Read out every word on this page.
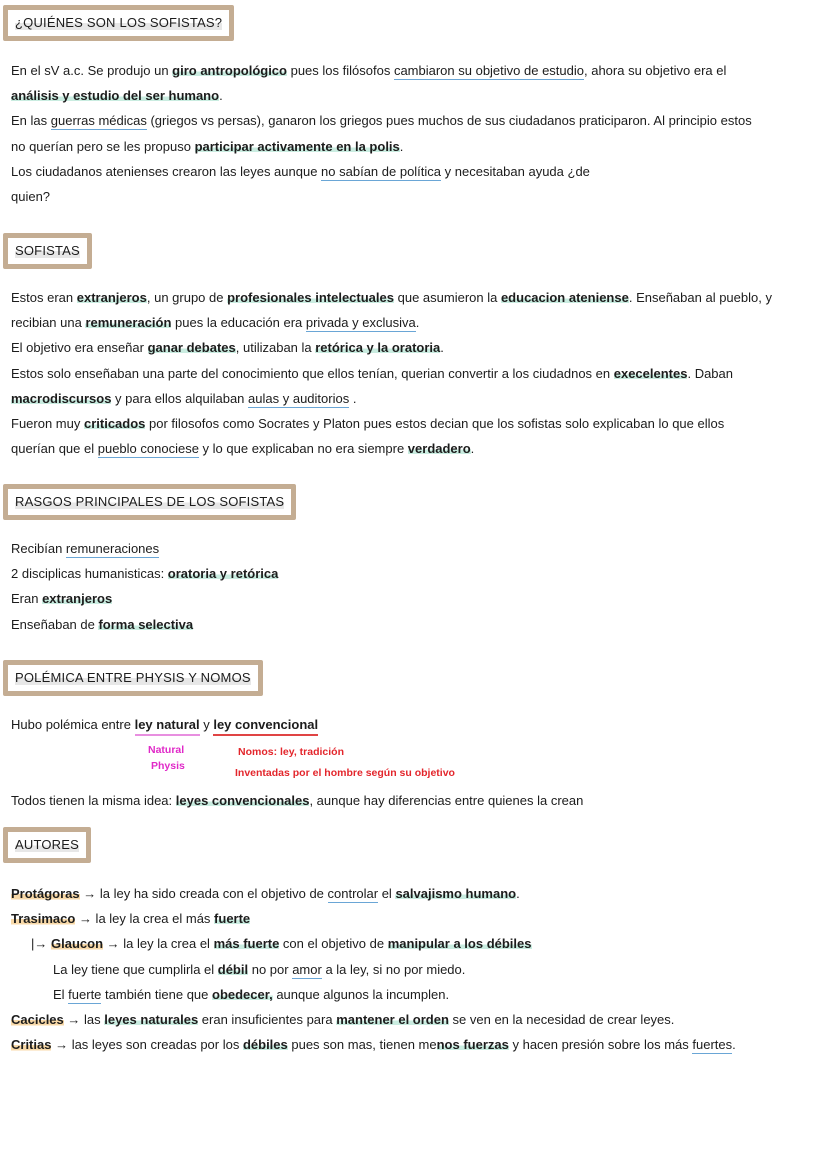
¿QUIÉNES SON LOS SOFISTAS?
En el sV a.c. Se produjo un giro antropológico pues los filósofos cambiaron su objetivo de estudio, ahora su objetivo era el
análisis y estudio del ser humano.
En las guerras médicas (griegos vs persas), ganaron los griegos pues muchos de sus ciudadanos praticiparon. Al principio estos
no querían pero se les propuso participar activamente en la polis.
Los ciudadanos atenienses crearon las leyes aunque no sabían de política y necesitaban ayuda ¿de
quien?
SOFISTAS
Estos eran extranjeros, un grupo de profesionales intelectuales que asumieron la educacion ateniense. Enseñaban al pueblo, y
recibian una remuneración pues la educación era privada y exclusiva.
El objetivo era enseñar ganar debates, utilizaban la retórica y la oratoria.
Estos solo enseñaban una parte del conocimiento que ellos tenían, querian convertir a los ciudadnos en execelentes. Daban
macrodiscursos y para ellos alquilaban aulas y auditorios .
Fueron muy criticados por filosofos como Socrates y Platon pues estos decian que los sofistas solo explicaban lo que ellos
querían que el pueblo conociese y lo que explicaban no era siempre verdadero.
RASGOS PRINCIPALES DE LOS SOFISTAS
Recibían remuneraciones
2 disciplicas humanisticas: oratoria y retórica
Eran extranjeros
Enseñaban de forma selectiva
POLÉMICA ENTRE PHYSIS Y NOMOS
Hubo polémica entre ley natural y ley convencional
Natural
Physis
Nomos: ley, tradición
Inventadas por el hombre según su objetivo
Todos tienen la misma idea: leyes convencionales, aunque hay diferencias entre quienes la crean
AUTORES
Protágoras → la ley ha sido creada con el objetivo de controlar el salvajismo humano.
Trasimaco → la ley la crea el más fuerte
|→ Glaucon → la ley la crea el más fuerte con el objetivo de manipular a los débiles
La ley tiene que cumplirla el débil no por amor a la ley, si no por miedo.
El fuerte también tiene que obedecer, aunque algunos la incumplen.
Cacicles → las leyes naturales eran insuficientes para mantener el orden se ven en la necesidad de crear leyes.
Critias → las leyes son creadas por los débiles pues son mas, tienen menos fuerzas y hacen presión sobre los más fuertes.
